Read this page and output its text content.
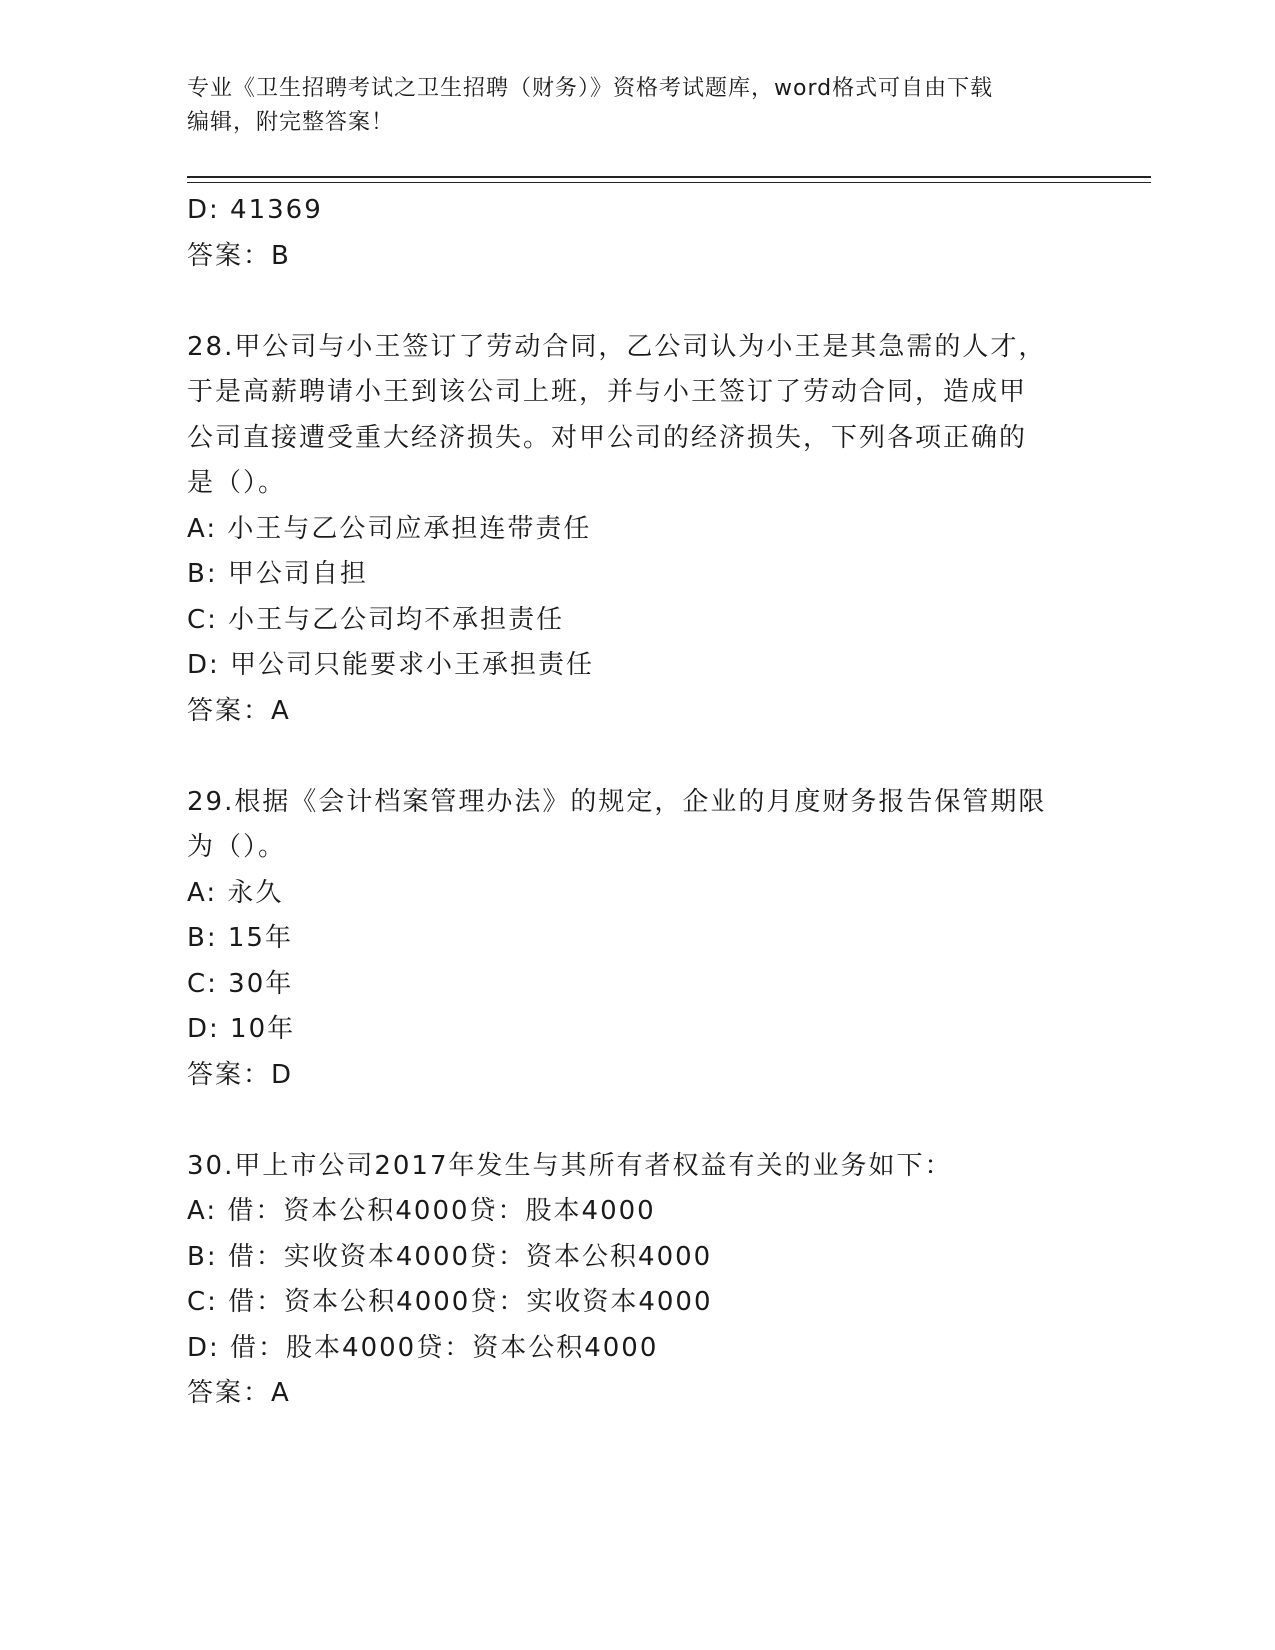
专业《卫生招聘考试之卫生招聘（财务）》资格考试题库，word格式可自由下载
编辑，附完整答案！
D: 41369
答案：B
28.甲公司与小王签订了劳动合同，乙公司认为小王是其急需的人才，
于是高薪聘请小王到该公司上班，并与小王签订了劳动合同，造成甲
公司直接遭受重大经济损失。对甲公司的经济损失，下列各项正确的
是（）。
A: 小王与乙公司应承担连带责任
B: 甲公司自担
C: 小王与乙公司均不承担责任
D: 甲公司只能要求小王承担责任
答案：A
29.根据《会计档案管理办法》的规定，企业的月度财务报告保管期限
为（）。
A: 永久
B: 15年
C: 30年
D: 10年
答案：D
30.甲上市公司2017年发生与其所有者权益有关的业务如下：
A: 借：资本公积4000贷：股本4000
B: 借：实收资本4000贷：资本公积4000
C: 借：资本公积4000贷：实收资本4000
D: 借：股本4000贷：资本公积4000
答案：A
